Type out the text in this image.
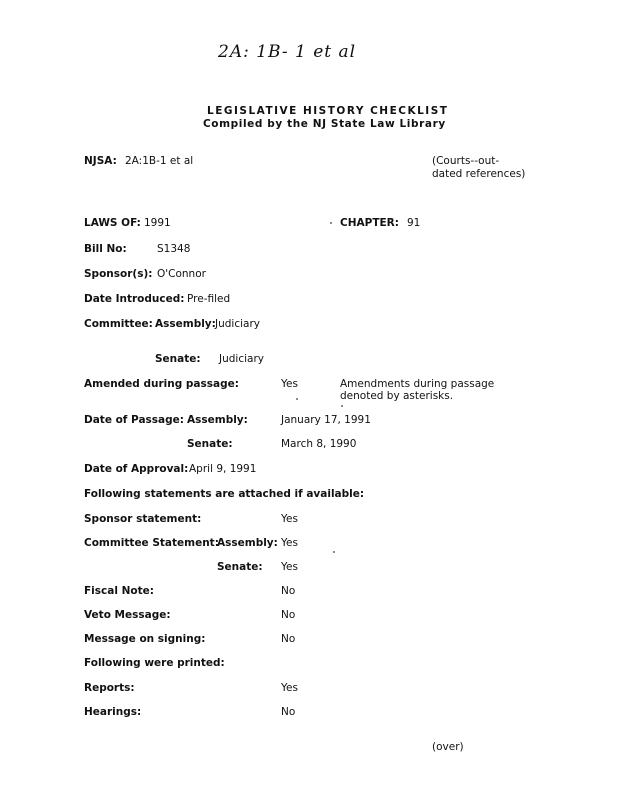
2A: 1B- 1 et al
LEGISLATIVE HISTORY CHECKLIST
Compiled by the NJ State Law Library
NJSA: 2A:1B-1 et al	(Courts--out-
dated references)
LAWS OF: 1991	CHAPTER: 91
Bill No:	S1348
Sponsor(s): O'Connor
Date Introduced: Pre-filed
Committee: Assembly: Judiciary
Senate: Judiciary
Amended during passage:	Yes	Amendments during passage
denoted by asterisks.
Date of Passage: Assembly:	January 17, 1991
Senate:	March 8, 1990
Date of Approval: April 9, 1991
Following statements are attached if available:
Sponsor statement:	Yes
Committee Statement:
Assembly: Yes
Senate: Yes
Fiscal Note:	No
Veto Message:	No
Message on signing:	No
Following were printed:
Reports:	Yes
Hearings:	No
(over)
